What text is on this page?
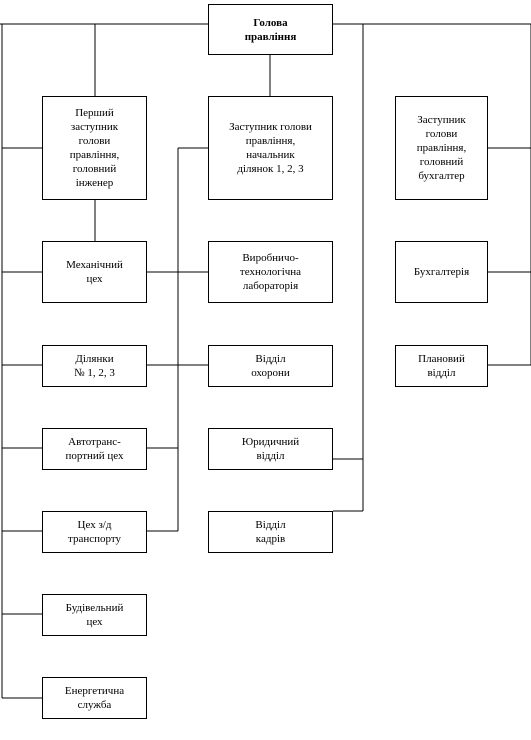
Голова
правління
Перший
заступник
голови
правління,
головний
інженер
Заступник голови
правління,
начальник
ділянок 1, 2, 3
Заступник
голови
правління,
головний
бухгалтер
Механічний
цех
Ділянки
№ 1, 2, 3
Автотранс-
портний цех
Цех з/д
транспорту
Будівельний
цех
Енергетична
служба
Виробничо-
технологічна
лабораторія
Відділ
охорони
Юридичний
відділ
Відділ
кадрів
Бухгалтерія
Плановий
відділ
